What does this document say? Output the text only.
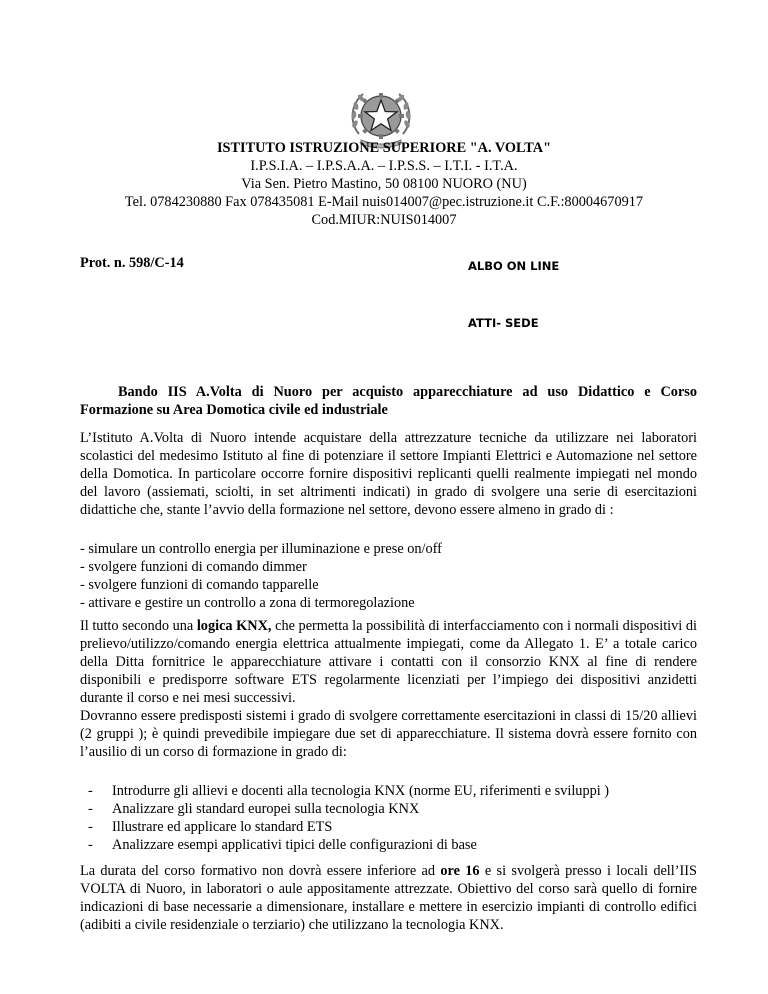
ISTITUTO ISTRUZIONE SUPERIORE "A. VOLTA"
I.P.S.I.A. – I.P.S.A.A. – I.P.S.S. – I.T.I. - I.T.A.
Via Sen. Pietro Mastino, 50 08100 NUORO (NU)
Tel. 0784230880 Fax 078435081 E-Mail nuis014007@pec.istruzione.it C.F.:80004670917
Cod.MIUR:NUIS014007
Prot. n. 598/C-14	ALBO ON LINE
ATTI- SEDE
Bando IIS A.Volta di Nuoro per acquisto apparecchiature ad uso Didattico e Corso Formazione su Area Domotica civile ed industriale
L’Istituto A.Volta di Nuoro intende acquistare della attrezzature tecniche da utilizzare nei laboratori scolastici del medesimo Istituto al fine di potenziare il settore Impianti Elettrici e Automazione nel settore della Domotica. In particolare occorre fornire dispositivi replicanti quelli realmente impiegati nel mondo del lavoro (assiemati, sciolti, in set altrimenti indicati) in grado di svolgere una serie di esercitazioni didattiche che, stante l’avvio della formazione nel settore, devono essere almeno in grado di :
- simulare un controllo energia per illuminazione e prese on/off
- svolgere funzioni di comando dimmer
- svolgere funzioni di comando tapparelle
- attivare e gestire un controllo a zona di termoregolazione
Il tutto secondo una logica KNX, che permetta la possibilità di interfacciamento con i normali dispositivi di prelievo/utilizzo/comando energia elettrica attualmente impiegati, come da Allegato 1. E’ a totale carico della Ditta fornitrice le apparecchiature attivare i contatti con il consorzio KNX al fine di rendere disponibili e predisporre software ETS regolarmente licenziati per l’impiego dei dispositivi anzidetti durante il corso e nei mesi successivi.
Dovranno essere predisposti sistemi i grado di svolgere correttamente esercitazioni in classi di 15/20 allievi (2 gruppi ); è quindi prevedibile impiegare due set di apparecchiature. Il sistema dovrà essere fornito con l’ausilio di un corso di formazione in grado di:
- Introdurre gli allievi e docenti alla tecnologia KNX (norme EU, riferimenti e sviluppi )
- Analizzare gli standard europei sulla tecnologia KNX
- Illustrare ed applicare lo standard ETS
- Analizzare esempi applicativi tipici delle configurazioni di base
La durata del corso formativo non dovrà essere inferiore ad ore 16 e si svolgerà presso i locali dell’IIS VOLTA di Nuoro, in laboratori o aule appositamente attrezzate. Obiettivo del corso sarà quello di fornire indicazioni di base necessarie a dimensionare, installare e mettere in esercizio impianti di controllo edifici (adibiti a civile residenziale o terziario) che utilizzano la tecnologia KNX.
